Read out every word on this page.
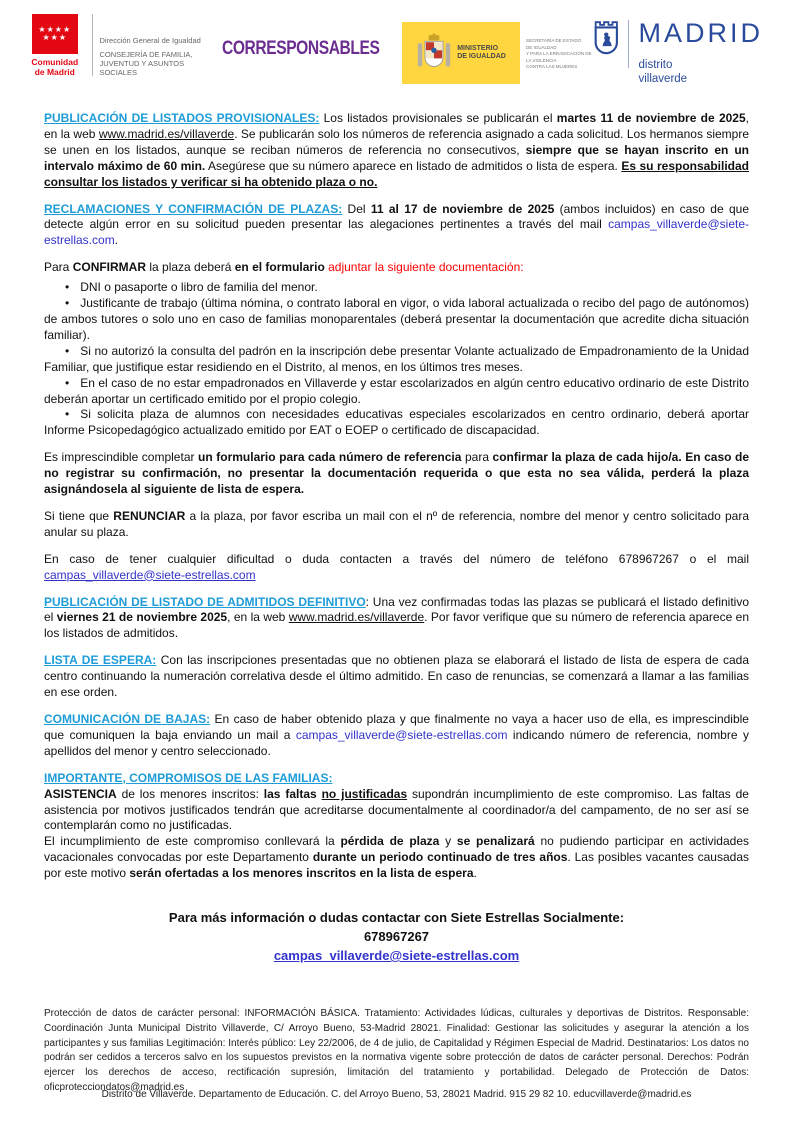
★★★★
★★★
Comunidad
de Madrid
Dirección General de Igualdad
CONSEJERÍA DE FAMILIA,
JUVENTUD Y ASUNTOS SOCIALES
CORRESPONSABLES	MINISTERIO
DE IGUALDAD
SECRETARÍA DE ESTADO
DE IGUALDAD
Y PARA LA ERRADICACIÓN DE LA VIOLENCIA
CONTRA LAS MUJERES
MADRID
distrito
villaverde

PUBLICACIÓN DE LISTADOS PROVISIONALES: Los listados provisionales se publicarán el martes 11 de noviembre de 2025, en la web www.madrid.es/villaverde. Se publicarán solo los números de referencia asignado a cada solicitud. Los hermanos siempre se unen en los listados, aunque se reciban números de referencia no consecutivos, siempre que se hayan inscrito en un intervalo máximo de 60 min. Asegúrese que su número aparece en listado de admitidos o lista de espera. Es su responsabilidad consultar los listados y verificar si ha obtenido plaza o no.

RECLAMACIONES Y CONFIRMACIÓN DE PLAZAS: Del 11 al 17 de noviembre de 2025 (ambos incluidos) en caso de que detecte algún error en su solicitud pueden presentar las alegaciones pertinentes a través del mail campas_villaverde@siete-estrellas.com.

Para CONFIRMAR la plaza deberá en el formulario adjuntar la siguiente documentación:

• DNI o pasaporte o libro de familia del menor.

• Justificante de trabajo (última nómina, o contrato laboral en vigor, o vida laboral actualizada o recibo del pago de autónomos) de ambos tutores o solo uno en caso de familias monoparentales (deberá presentar la documentación que acredite dicha situación familiar).

• Si no autorizó la consulta del padrón en la inscripción debe presentar Volante actualizado de Empadronamiento de la Unidad Familiar, que justifique estar residiendo en el Distrito, al menos, en los últimos tres meses.

• En el caso de no estar empadronados en Villaverde y estar escolarizados en algún centro educativo ordinario de este Distrito deberán aportar un certificado emitido por el propio colegio.

• Si solicita plaza de alumnos con necesidades educativas especiales escolarizados en centro ordinario, deberá aportar Informe Psicopedagógico actualizado emitido por EAT o EOEP o certificado de discapacidad.

Es imprescindible completar un formulario para cada número de referencia para confirmar la plaza de cada hijo/a. En caso de no registrar su confirmación, no presentar la documentación requerida o que esta no sea válida, perderá la plaza asignándosela al siguiente de lista de espera.

Si tiene que RENUNCIAR a la plaza, por favor escriba un mail con el nº de referencia, nombre del menor y centro solicitado para anular su plaza.

En caso de tener cualquier dificultad o duda contacten a través del número de teléfono 678967267 o el mail campas_villaverde@siete-estrellas.com

PUBLICACIÓN DE LISTADO DE ADMITIDOS DEFINITIVO: Una vez confirmadas todas las plazas se publicará el listado definitivo el viernes 21 de noviembre 2025, en la web www.madrid.es/villaverde. Por favor verifique que su número de referencia aparece en los listados de admitidos.

LISTA DE ESPERA: Con las inscripciones presentadas que no obtienen plaza se elaborará el listado de lista de espera de cada centro continuando la numeración correlativa desde el último admitido. En caso de renuncias, se comenzará a llamar a las familias en ese orden.

COMUNICACIÓN DE BAJAS: En caso de haber obtenido plaza y que finalmente no vaya a hacer uso de ella, es imprescindible que comuniquen la baja enviando un mail a campas_villaverde@siete-estrellas.com indicando número de referencia, nombre y apellidos del menor y centro seleccionado.

IMPORTANTE, COMPROMISOS DE LAS FAMILIAS:
ASISTENCIA de los menores inscritos: las faltas no justificadas supondrán incumplimiento de este compromiso. Las faltas de asistencia por motivos justificados tendrán que acreditarse documentalmente al coordinador/a del campamento, de no ser así se contemplarán como no justificadas.
El incumplimiento de este compromiso conllevará la pérdida de plaza y se penalizará no pudiendo participar en actividades vacacionales convocadas por este Departamento durante un periodo continuado de tres años. Las posibles vacantes causadas por este motivo serán ofertadas a los menores inscritos en la lista de espera.

Para más información o dudas contactar con Siete Estrellas Socialmente:
678967267
campas_villaverde@siete-estrellas.com
Protección de datos de carácter personal: INFORMACIÓN BÁSICA. Tratamiento: Actividades lúdicas, culturales y deportivas de Distritos. Responsable: Coordinación Junta Municipal Distrito Villaverde, C/ Arroyo Bueno, 53-Madrid 28021. Finalidad: Gestionar las solicitudes y asegurar la atención a los participantes y sus familias Legitimación: Interés público: Ley 22/2006, de 4 de julio, de Capitalidad y Régimen Especial de Madrid. Destinatarios: Los datos no podrán ser cedidos a terceros salvo en los supuestos previstos en la normativa vigente sobre protección de datos de carácter personal. Derechos: Podrán ejercer los derechos de acceso, rectificación supresión, limitación del tratamiento y portabilidad. Delegado de Protección de Datos: oficprotecciondatos@madrid.es
Distrito de Villaverde. Departamento de Educación. C. del Arroyo Bueno, 53, 28021 Madrid. 915 29 82 10. educvillaverde@madrid.es
